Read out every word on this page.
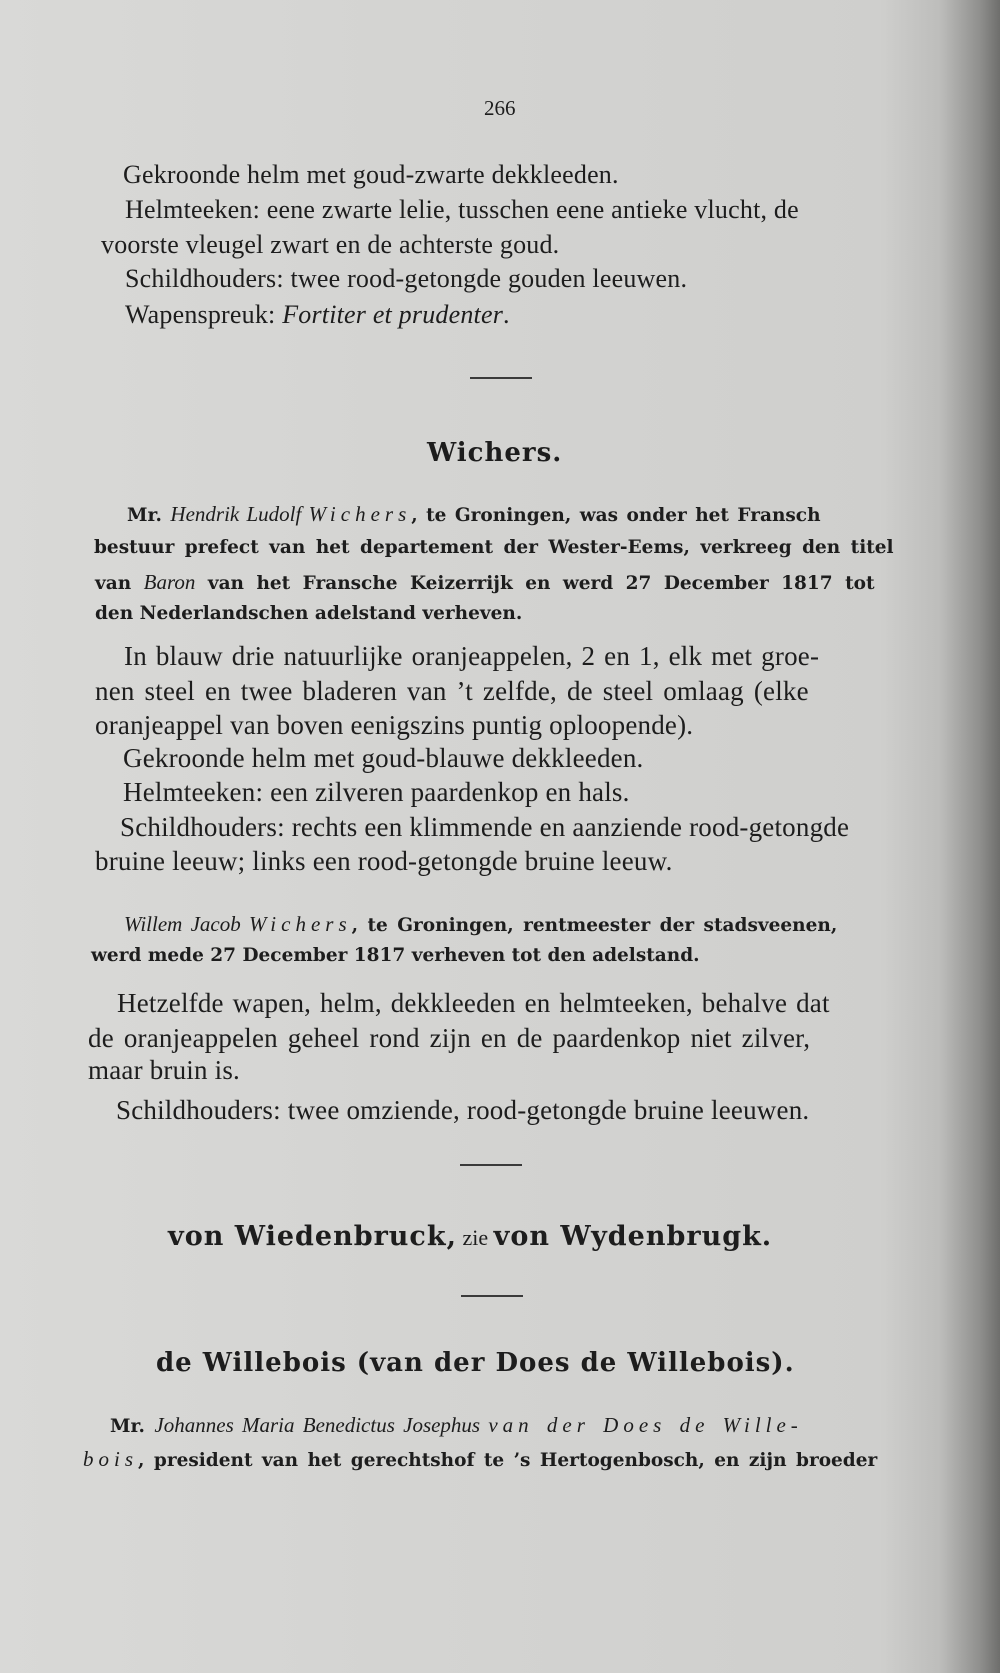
266
Gekroonde helm met goud-zwarte dekkleeden.
Helmteeken: eene zwarte lelie, tusschen eene antieke vlucht, de
voorste vleugel zwart en de achterste goud.
Schildhouders: twee rood-getongde gouden leeuwen.
Wapenspreuk: Fortiter et prudenter.
Wichers.
Mr. Hendrik Ludolf Wichers, te Groningen, was onder het Fransch
bestuur prefect van het departement der Wester-Eems, verkreeg den titel
van Baron van het Fransche Keizerrijk en werd 27 December 1817 tot
den Nederlandschen adelstand verheven.
In blauw drie natuurlijke oranjeappelen, 2 en 1, elk met groe-
nen steel en twee bladeren van ’t zelfde, de steel omlaag (elke
oranjeappel van boven eenigszins puntig oploopende).
Gekroonde helm met goud-blauwe dekkleeden.
Helmteeken: een zilveren paardenkop en hals.
Schildhouders: rechts een klimmende en aanziende rood-getongde
bruine leeuw; links een rood-getongde bruine leeuw.
Willem Jacob Wichers, te Groningen, rentmeester der stadsveenen,
werd mede 27 December 1817 verheven tot den adelstand.
Hetzelfde wapen, helm, dekkleeden en helmteeken, behalve dat
de oranjeappelen geheel rond zijn en de paardenkop niet zilver,
maar bruin is.
Schildhouders: twee omziende, rood-getongde bruine leeuwen.
von Wiedenbruck, zie von Wydenbrugk.
de Willebois (van der Does de Willebois).
Mr. Johannes Maria Benedictus Josephus van der Does de Wille-
bois, president van het gerechtshof te ’s Hertogenbosch, en zijn broeder
